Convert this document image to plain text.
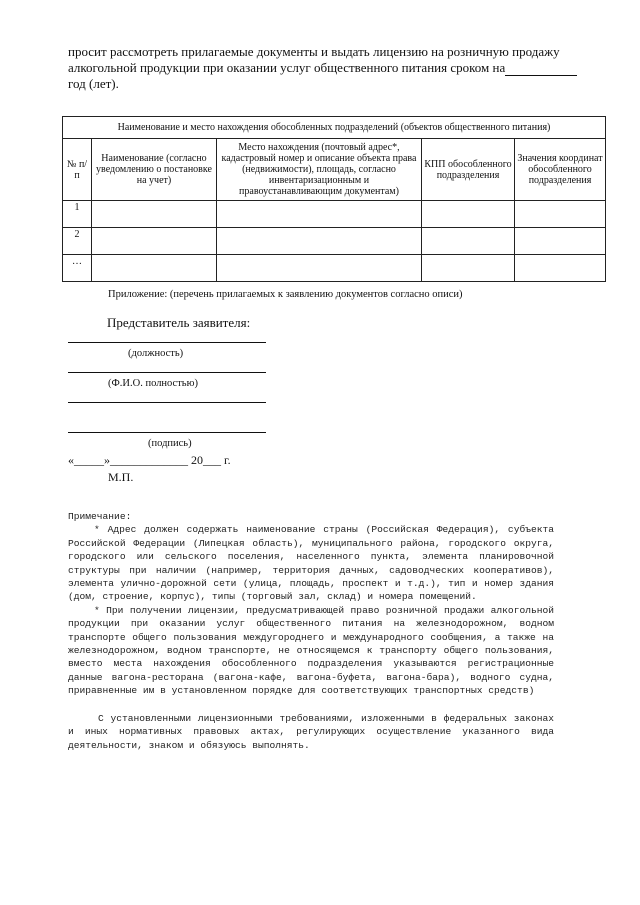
просит рассмотреть прилагаемые документы и выдать лицензию на розничную продажу алкогольной продукции при оказании услуг общественного питания сроком на___________ год (лет).
Наименование и место нахождения обособленных подразделений (объектов общественного питания)				
№ п/п	Наименование (согласно уведомлению о постановке на учет)	Место нахождения (почтовый адрес*, кадастровый номер и описание объекта права (недвижимости), площадь, согласно инвентаризационным и правоустанавливающим документам)	КПП обособленного подразделения	Значения координат обособленного подразделения
1				
2				
…				
Приложение: (перечень прилагаемых к заявлению документов согласно описи)
Представитель заявителя:
(должность)
(Ф.И.О. полностью)
(подпись)
«_____»_____________ 20___ г.
М.П.

Примечание:

* Адрес должен содержать наименование страны (Российская Федерация), субъекта Российской Федерации (Липецкая область), муниципального района, городского округа, городского или сельского поселения, населенного пункта, элемента планировочной структуры при наличии (например, территория дачных, садоводческих кооперативов), элемента улично-дорожной сети (улица, площадь, проспект и т.д.), тип и номер здания (дом, строение, корпус), типы (торговый зал, склад) и номера помещений.

* При получении лицензии, предусматривающей право розничной продажи алкогольной продукции при оказании услуг общественного питания на железнодорожном, водном транспорте общего пользования междугороднего и международного сообщения, а также на железнодорожном, водном транспорте, не относящемся к транспорту общего пользования, вместо места нахождения обособленного подразделения указываются регистрационные данные вагона-ресторана (вагона-кафе, вагона-буфета, вагона-бара), водного судна, приравненные им в установленном порядке для соответствующих транспортных средств)

С установленными лицензионными требованиями, изложенными в федеральных законах и иных нормативных правовых актах, регулирующих осуществление указанного вида деятельности, знаком и обязуюсь выполнять.
